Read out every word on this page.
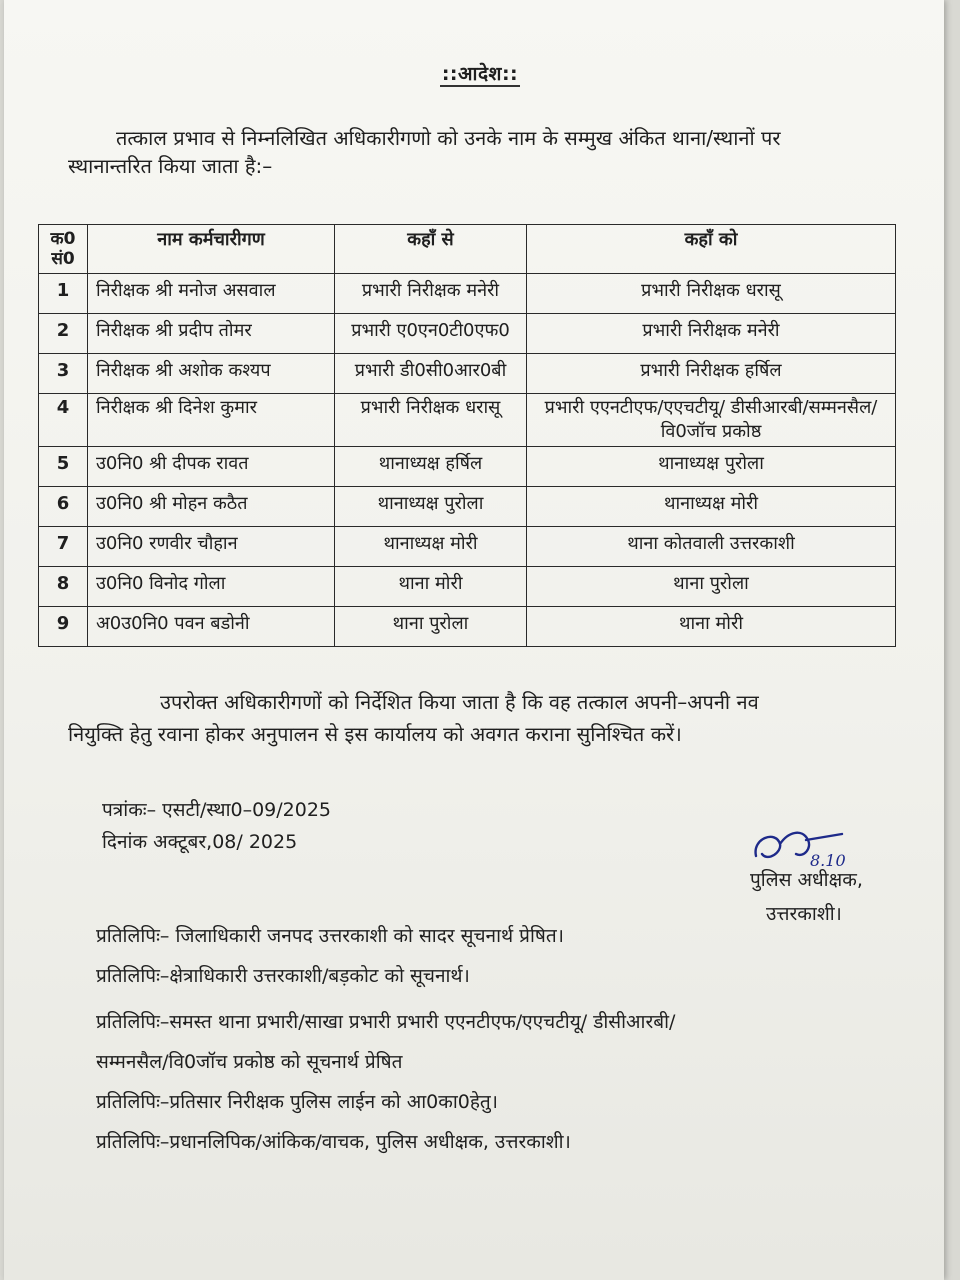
::आदेश::
तत्काल प्रभाव से निम्नलिखित अधिकारीगणो को उनके नाम के सम्मुख अंकित थाना/स्थानों पर
स्थानान्तरित किया जाता है:–
क0 सं0	नाम कर्मचारीगण	कहाँ से	कहाँ को
1	निरीक्षक श्री मनोज असवाल	प्रभारी निरीक्षक मनेरी	प्रभारी निरीक्षक धरासू
2	निरीक्षक श्री प्रदीप तोमर	प्रभारी ए0एन0टी0एफ0	प्रभारी निरीक्षक मनेरी
3	निरीक्षक श्री अशोक कश्यप	प्रभारी डी0सी0आर0बी	प्रभारी निरीक्षक हर्षिल
4	निरीक्षक श्री दिनेश कुमार	प्रभारी निरीक्षक धरासू	प्रभारी एएनटीएफ/एएचटीयू/ डीसीआरबी/सम्मनसैल/वि0जॉच प्रकोष्ठ
5	उ0नि0 श्री दीपक रावत	थानाध्यक्ष हर्षिल	थानाध्यक्ष पुरोला
6	उ0नि0 श्री मोहन कठैत	थानाध्यक्ष पुरोला	थानाध्यक्ष मोरी
7	उ0नि0 रणवीर चौहान	थानाध्यक्ष मोरी	थाना कोतवाली उत्तरकाशी
8	उ0नि0 विनोद गोला	थाना मोरी	थाना पुरोला
9	अ0उ0नि0 पवन बडोनी	थाना पुरोला	थाना मोरी
उपरोक्त अधिकारीगणों को निर्देशित किया जाता है कि वह तत्काल अपनी–अपनी नव
नियुक्ति हेतु रवाना होकर अनुपालन से इस कार्यालय को अवगत कराना सुनिश्चित करें।
पत्रांकः– एसटी/स्था0–09/2025
दिनांक अक्टूबर,08/ 2025
8.10
पुलिस अधीक्षक,
उत्तरकाशी।
प्रतिलिपिः– जिलाधिकारी जनपद उत्तरकाशी को सादर सूचनार्थ प्रेषित।
प्रतिलिपिः–क्षेत्राधिकारी उत्तरकाशी/बड़कोट को सूचनार्थ।
प्रतिलिपिः–समस्त थाना प्रभारी/साखा प्रभारी प्रभारी एएनटीएफ/एएचटीयू/ डीसीआरबी/
सम्मनसैल/वि0जॉच प्रकोष्ठ को सूचनार्थ प्रेषित
प्रतिलिपिः–प्रतिसार निरीक्षक पुलिस लाईन को आ0का0हेतु।
प्रतिलिपिः–प्रधानलिपिक/आंकिक/वाचक, पुलिस अधीक्षक, उत्तरकाशी।
